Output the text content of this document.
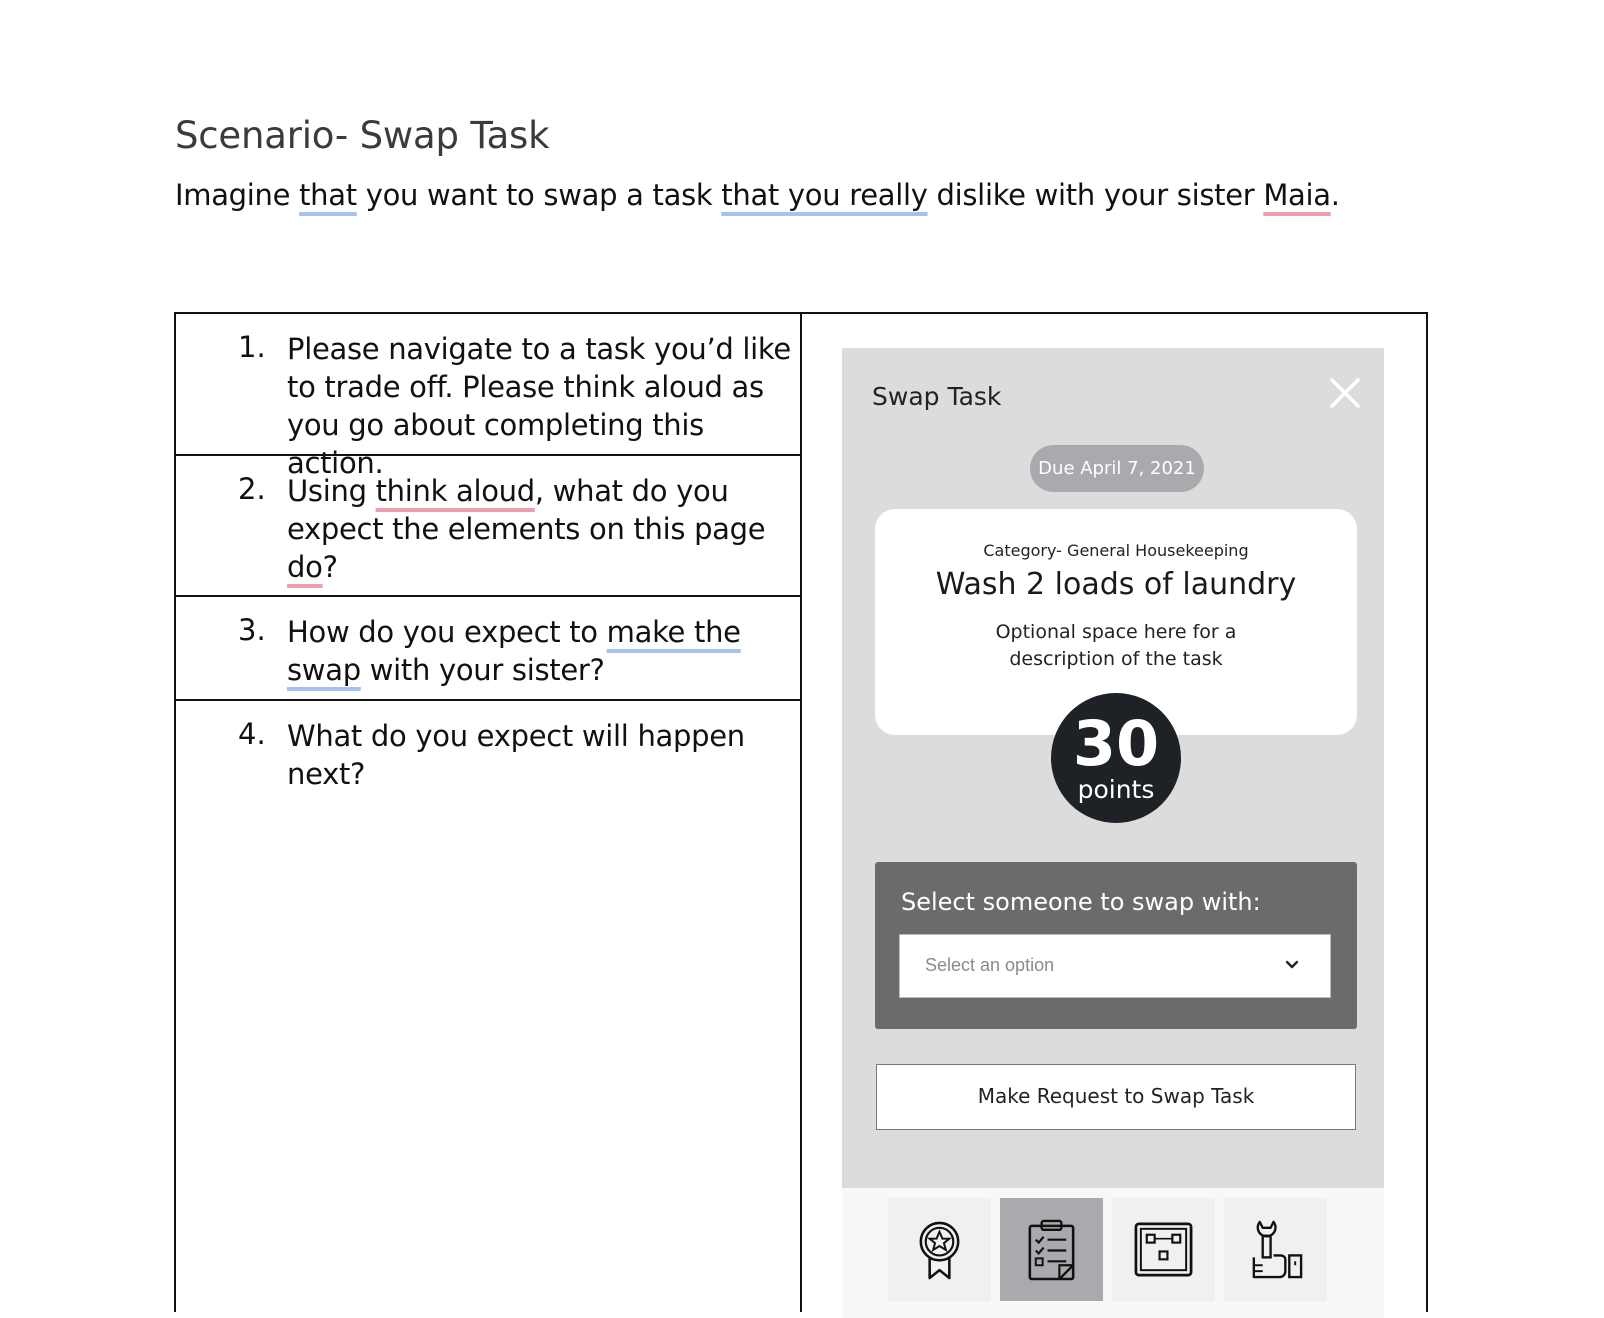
Scenario- Swap Task
Imagine that you want to swap a task that you really dislike with your sister Maia.
1. Please navigate to a task you’d like to trade off. Please think aloud as you go about completing this action.
2. Using think aloud, what do you expect the elements on this page do?
3. How do you expect to make the swap with your sister?
4. What do you expect will happen next?
Swap Task
Due April 7, 2021
Category- General Housekeeping
Wash 2 loads of laundry
Optional space here for a description of the task
30
points
Select someone to swap with:
Select an option
Make Request to Swap Task
